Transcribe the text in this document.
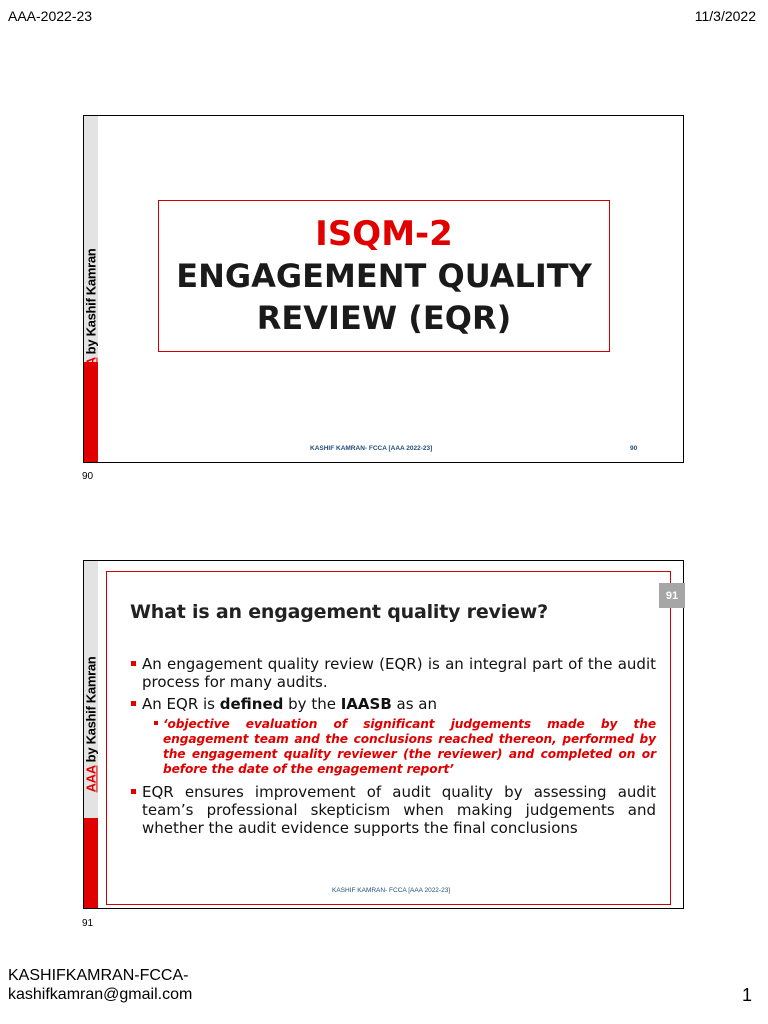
AAA-2022-23	11/3/2022
AAA by Kashif Kamran
ISQM-2
ENGAGEMENT QUALITY
REVIEW (EQR)
KASHIF KAMRAN- FCCA [AAA 2022-23]	90
90
AAA by Kashif Kamran
91
What is an engagement quality review?
An engagement quality review (EQR) is an integral part of the audit process for many audits.
An EQR is defined by the IAASB as an
‘objective evaluation of significant judgements made by the engagement team and the conclusions reached thereon, performed by the engagement quality reviewer (the reviewer) and completed on or before the date of the engagement report’
EQR ensures improvement of audit quality by assessing audit team’s professional skepticism when making judgements and whether the audit evidence supports the final conclusions
KASHIF KAMRAN- FCCA [AAA 2022-23]
91
KASHIFKAMRAN-FCCA-
kashifkamran@gmail.com	1
